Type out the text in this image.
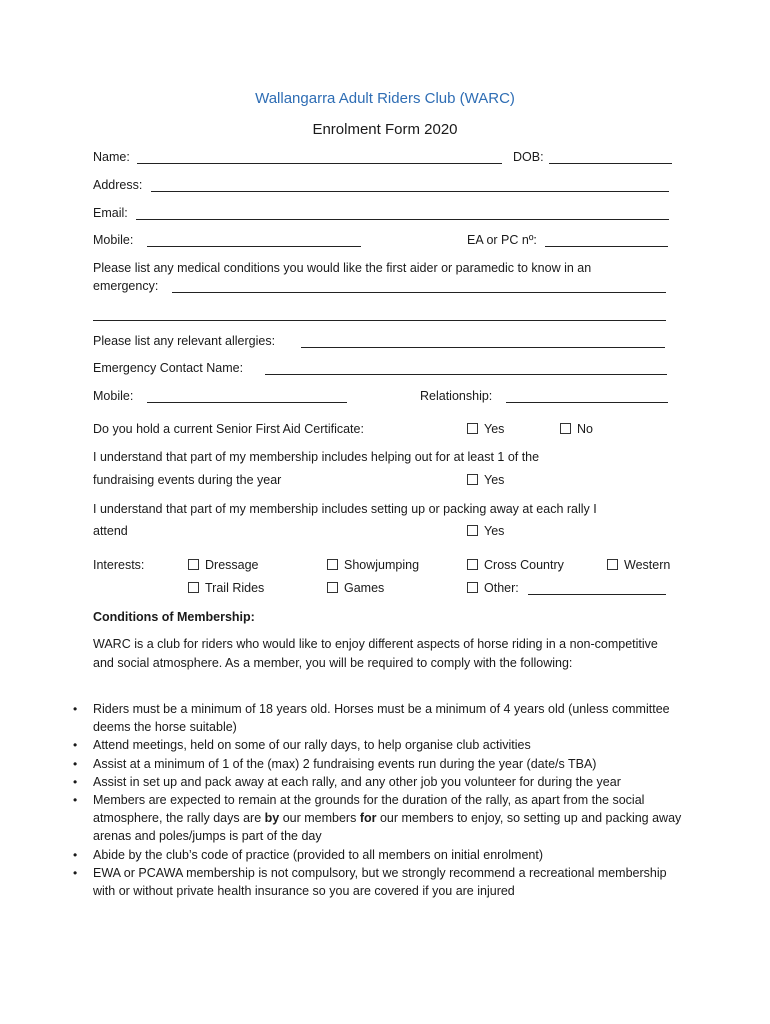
Wallangarra Adult Riders Club (WARC)
Enrolment Form 2020
Name:	DOB:
Address:
Email:
Mobile:	EA or PC nº:
Please list any medical conditions you would like the first aider or paramedic to know in an
emergency:
Please list any relevant allergies:
Emergency Contact Name:
Mobile:	Relationship:
Do you hold a current Senior First Aid Certificate:	Yes	No
I understand that part of my membership includes helping out for at least 1 of the
fundraising events during the year	Yes
I understand that part of my membership includes setting up or packing away at each rally I
attend	Yes
Interests:	Dressage	Showjumping	Cross Country	Western
Trail Rides	Games	Other:
Conditions of Membership:
WARC is a club for riders who would like to enjoy different aspects of horse riding in a non-competitive and social atmosphere. As a member, you will be required to comply with the following:
• Riders must be a minimum of 18 years old. Horses must be a minimum of 4 years old (unless committee deems the horse suitable)
• Attend meetings, held on some of our rally days, to help organise club activities
• Assist at a minimum of 1 of the (max) 2 fundraising events run during the year (date/s TBA)
• Assist in set up and pack away at each rally, and any other job you volunteer for during the year
• Members are expected to remain at the grounds for the duration of the rally, as apart from the social atmosphere, the rally days are by our members for our members to enjoy, so setting up and packing away arenas and poles/jumps is part of the day
• Abide by the club’s code of practice (provided to all members on initial enrolment)
• EWA or PCAWA membership is not compulsory, but we strongly recommend a recreational membership with or without private health insurance so you are covered if you are injured
